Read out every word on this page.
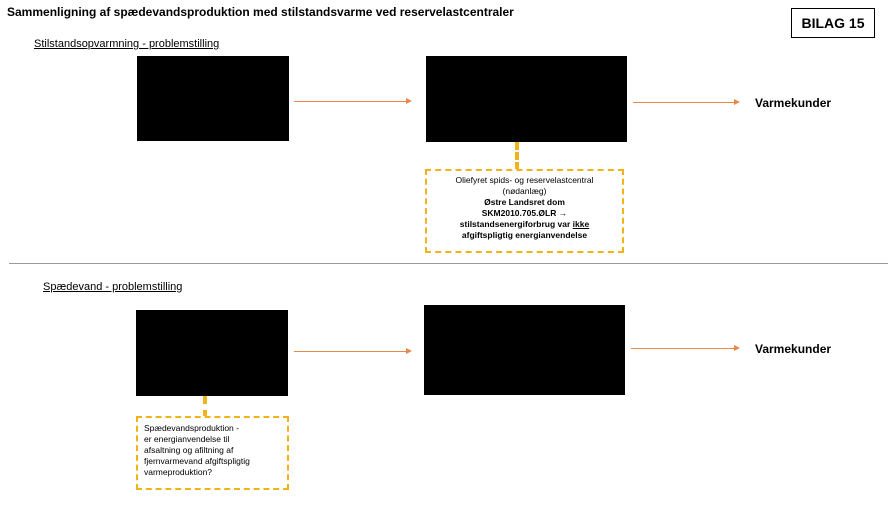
Sammenligning af spædevandsproduktion med stilstandsvarme ved reservelastcentraler
BILAG 15
Stilstandsopvarmning - problemstilling
Varmekunder
Oliefyret spids- og reservelastcentral
(nødanlæg)
Østre Landsret dom
SKM2010.705.ØLR →
stilstandsenergiforbrug var ikke
afgiftspligtig energianvendelse
Spædevand - problemstilling
Varmekunder
Spædevandsproduktion -
er energianvendelse til
afsaltning og afiltning af
fjernvarmevand afgiftspligtig
varmeproduktion?
